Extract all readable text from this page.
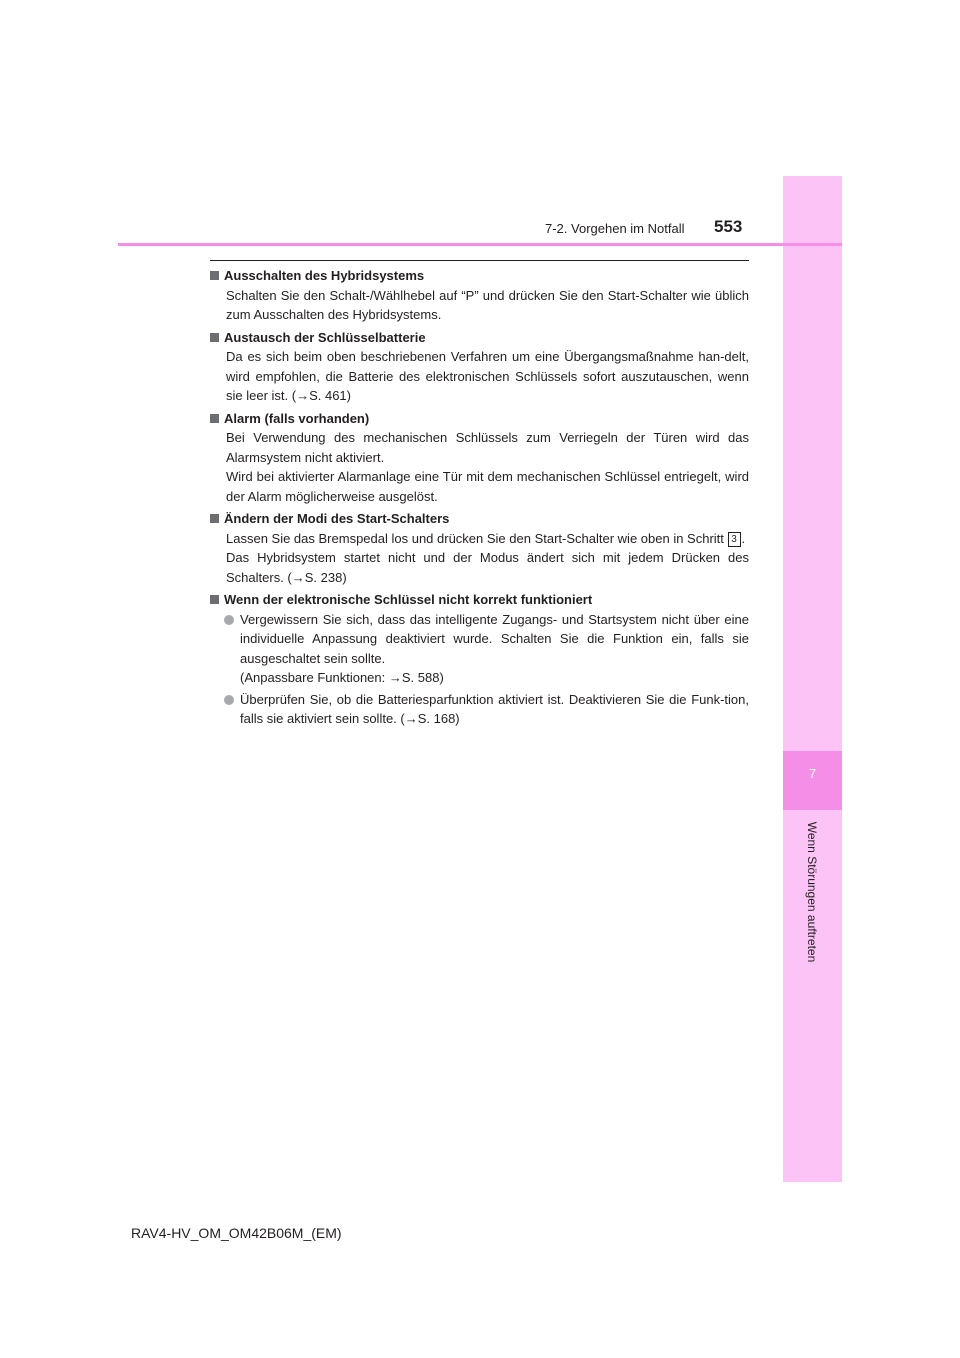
7
Wenn Störungen auftreten
7-2. Vorgehen im Notfall 553
Ausschalten des Hybridsystems
Schalten Sie den Schalt-/Wählhebel auf “P” und drücken Sie den Start-Schalter wie üblich zum Ausschalten des Hybridsystems.
Austausch der Schlüsselbatterie
Da es sich beim oben beschriebenen Verfahren um eine Übergangsmaßnahme han-delt, wird empfohlen, die Batterie des elektronischen Schlüssels sofort auszutauschen, wenn sie leer ist. (→S. 461)
Alarm (falls vorhanden)
Bei Verwendung des mechanischen Schlüssels zum Verriegeln der Türen wird das Alarmsystem nicht aktiviert.
Wird bei aktivierter Alarmanlage eine Tür mit dem mechanischen Schlüssel entriegelt, wird der Alarm möglicherweise ausgelöst.
Ändern der Modi des Start-Schalters
Lassen Sie das Bremspedal los und drücken Sie den Start-Schalter wie oben in Schritt 3 .
Das Hybridsystem startet nicht und der Modus ändert sich mit jedem Drücken des Schalters. (→S. 238)
Wenn der elektronische Schlüssel nicht korrekt funktioniert
Vergewissern Sie sich, dass das intelligente Zugangs- und Startsystem nicht über eine individuelle Anpassung deaktiviert wurde. Schalten Sie die Funktion ein, falls sie ausgeschaltet sein sollte.
(Anpassbare Funktionen: →S. 588)
Überprüfen Sie, ob die Batteriesparfunktion aktiviert ist. Deaktivieren Sie die Funk-tion, falls sie aktiviert sein sollte. (→S. 168)
RAV4-HV_OM_OM42B06M_(EM)
